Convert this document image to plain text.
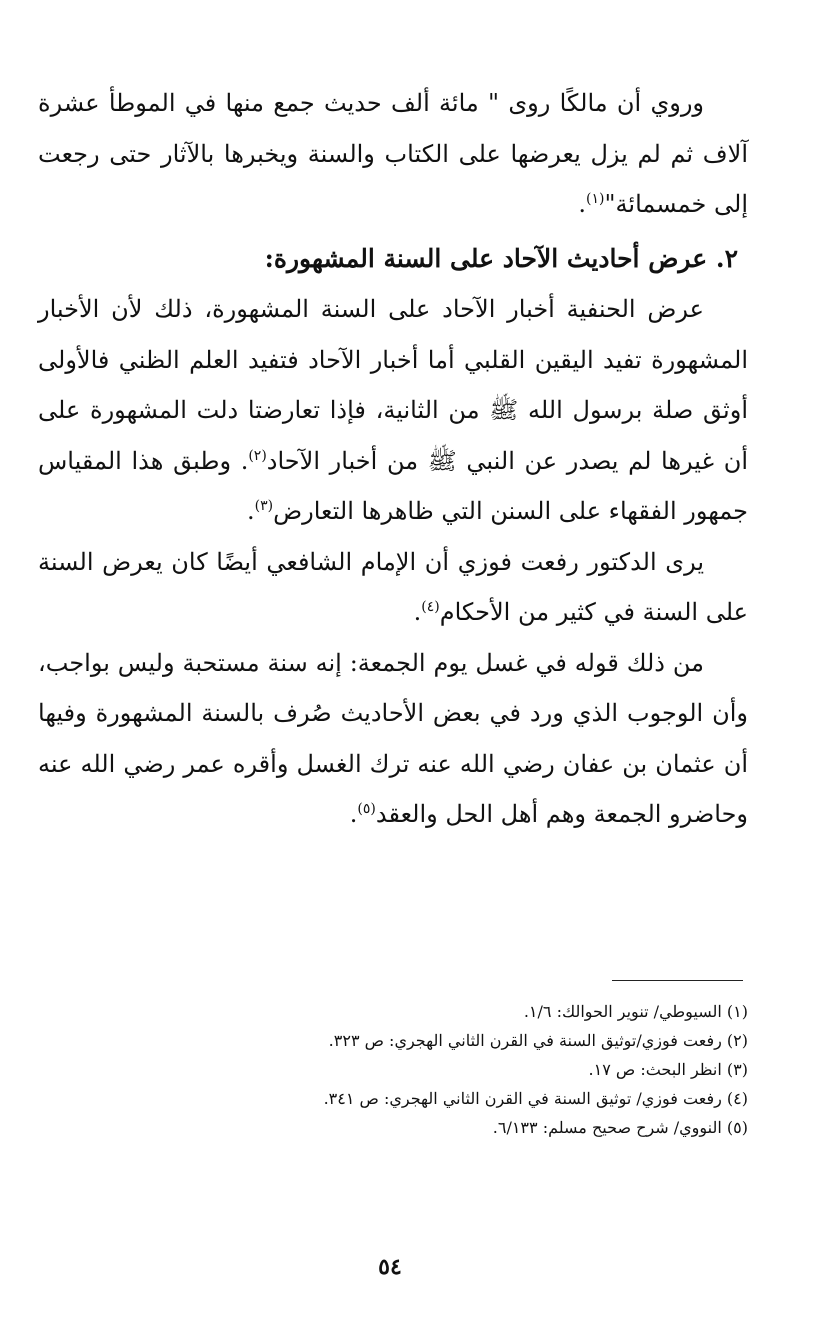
وروي أن مالكًا روى " مائة ألف حديث جمع منها في الموطأ عشرة آلاف ثم لم يزل يعرضها على الكتاب والسنة ويخبرها بالآثار حتى رجعت إلى خمسمائة"$^{(١)}$.

٢. عرض أحاديث الآحاد على السنة المشهورة:

عرض الحنفية أخبار الآحاد على السنة المشهورة، ذلك لأن الأخبار المشهورة تفيد اليقين القلبي أما أخبار الآحاد فتفيد العلم الظني فالأولى أوثق صلة برسول الله ﷺ من الثانية، فإذا تعارضتا دلت المشهورة على أن غيرها لم يصدر عن النبي ﷺ من أخبار الآحاد$^{(٢)}$. وطبق هذا المقياس جمهور الفقهاء على السنن التي ظاهرها التعارض$^{(٣)}$.

يرى الدكتور رفعت فوزي أن الإمام الشافعي أيضًا كان يعرض السنة على السنة في كثير من الأحكام$^{(٤)}$.

من ذلك قوله في غسل يوم الجمعة: إنه سنة مستحبة وليس بواجب، وأن الوجوب الذي ورد في بعض الأحاديث صُرف بالسنة المشهورة وفيها أن عثمان بن عفان رضي الله عنه ترك الغسل وأقره عمر رضي الله عنه وحاضرو الجمعة وهم أهل الحل والعقد$^{(٥)}$.

(١) السيوطي/ تنوير الحوالك: ١/٦.

(٢) رفعت فوزي/توثيق السنة في القرن الثاني الهجري: ص ٣٢٣.

(٣) انظر البحث: ص ١٧.

(٤) رفعت فوزي/ توثيق السنة في القرن الثاني الهجري: ص ٣٤١.

(٥) النووي/ شرح صحيح مسلم: ٦/١٣٣.

٥٤
